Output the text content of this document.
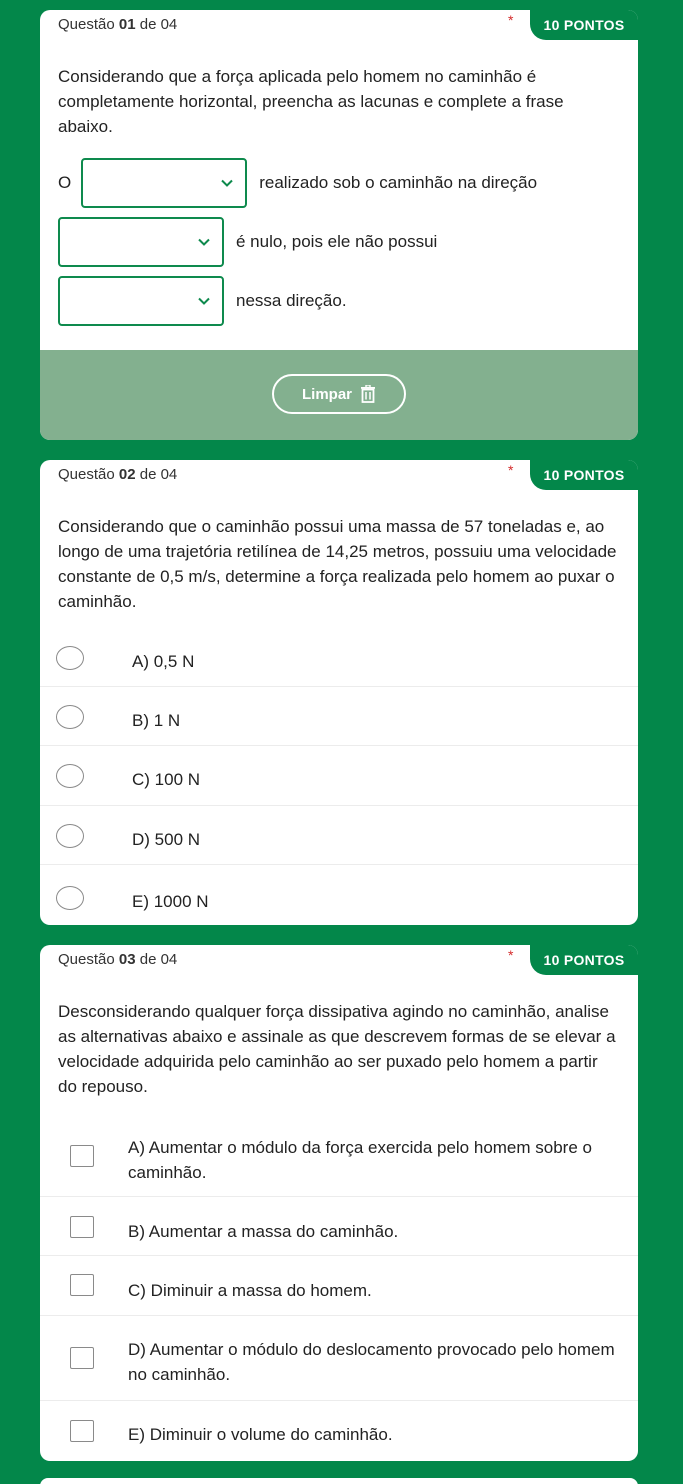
Questão 01 de 04	*	10 PONTOS
Considerando que a força aplicada pelo homem no caminhão é completamente horizontal, preencha as lacunas e complete a frase abaixo.
O	realizado sob o caminhão na direção
é nulo, pois ele não possui
nessa direção.
Limpar
Questão 02 de 04	*	10 PONTOS
Considerando que o caminhão possui uma massa de 57 toneladas e, ao longo de uma trajetória retilínea de 14,25 metros, possuiu uma velocidade constante de 0,5 m/s, determine a força realizada pelo homem ao puxar o caminhão.
A) 0,5 N
B) 1 N
C) 100 N
D) 500 N
E) 1000 N
Questão 03 de 04	*	10 PONTOS
Desconsiderando qualquer força dissipativa agindo no caminhão, analise as alternativas abaixo e assinale as que descrevem formas de se elevar a velocidade adquirida pelo caminhão ao ser puxado pelo homem a partir do repouso.
A) Aumentar o módulo da força exercida pelo homem sobre o caminhão.
B) Aumentar a massa do caminhão.
C) Diminuir a massa do homem.
D) Aumentar o módulo do deslocamento provocado pelo homem no caminhão.
E) Diminuir o volume do caminhão.
